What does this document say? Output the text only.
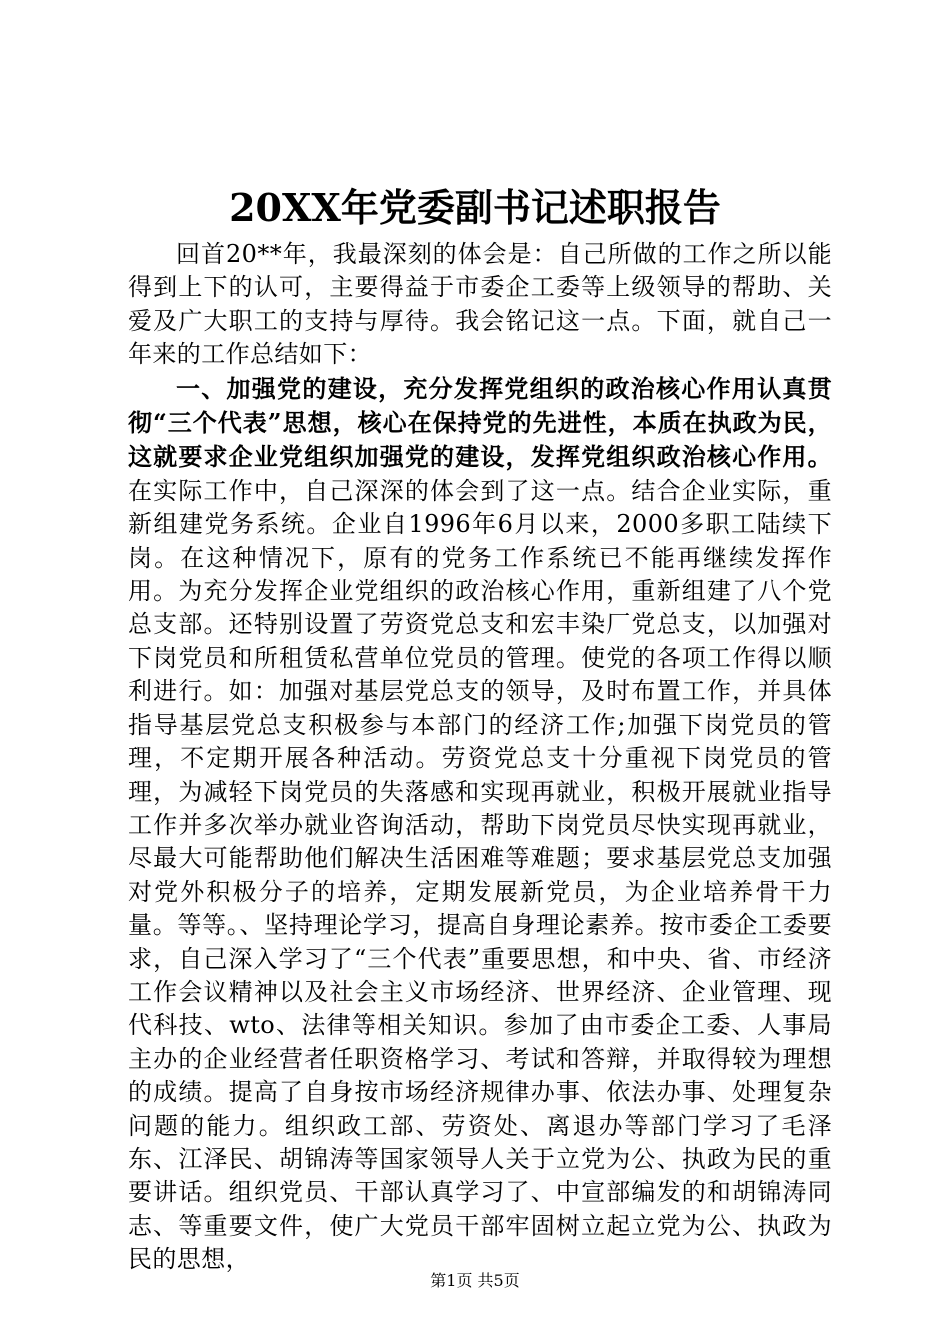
20XX年党委副书记述职报告

回首20**年，我最深刻的体会是：自己所做的工作之所以能得到上下的认可，主要得益于市委企工委等上级领导的帮助、关爱及广大职工的支持与厚待。我会铭记这一点。下面，就自己一年来的工作总结如下：

一、加强党的建设，充分发挥党组织的政治核心作用认真贯彻“三个代表”思想，核心在保持党的先进性，本质在执政为民，这就要求企业党组织加强党的建设，发挥党组织政治核心作用。在实际工作中，自己深深的体会到了这一点。结合企业实际，重新组建党务系统。企业自1996年6月以来，2000多职工陆续下岗。在这种情况下，原有的党务工作系统已不能再继续发挥作用。为充分发挥企业党组织的政治核心作用，重新组建了八个党总支部。还特别设置了劳资党总支和宏丰染厂党总支，以加强对下岗党员和所租赁私营单位党员的管理。使党的各项工作得以顺利进行。如：加强对基层党总支的领导，及时布置工作，并具体指导基层党总支积极参与本部门的经济工作;加强下岗党员的管理，不定期开展各种活动。劳资党总支十分重视下岗党员的管理，为减轻下岗党员的失落感和实现再就业，积极开展就业指导工作并多次举办就业咨询活动，帮助下岗党员尽快实现再就业，尽最大可能帮助他们解决生活困难等难题；要求基层党总支加强对党外积极分子的培养，定期发展新党员，为企业培养骨干力量。等等。、坚持理论学习，提高自身理论素养。按市委企工委要求，自己深入学习了“三个代表”重要思想，和中央、省、市经济工作会议精神以及社会主义市场经济、世界经济、企业管理、现代科技、wto、法律等相关知识。参加了由市委企工委、人事局主办的企业经营者任职资格学习、考试和答辩，并取得较为理想的成绩。提高了自身按市场经济规律办事、依法办事、处理复杂问题的能力。组织政工部、劳资处、离退办等部门学习了毛泽东、江泽民、胡锦涛等国家领导人关于立党为公、执政为民的重要讲话。组织党员、干部认真学习了、中宣部编发的和胡锦涛同志、等重要文件，使广大党员干部牢固树立起立党为公、执政为民的思想，

第1页 共5页
